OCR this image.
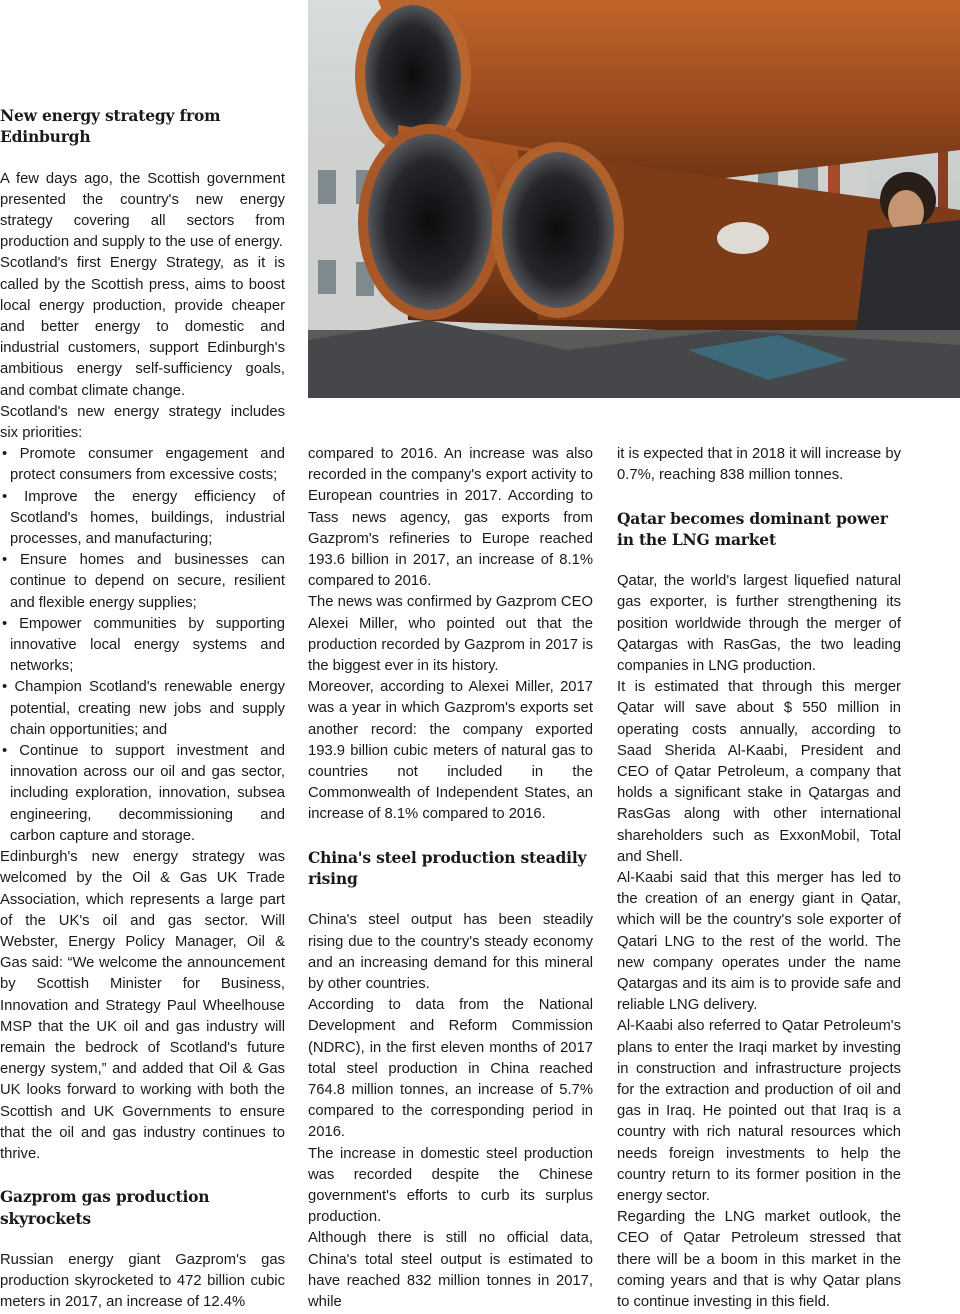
New energy strategy from Edinburgh

A few days ago, the Scottish government presented the country's new energy strategy covering all sectors from production and supply to the use of energy.

Scotland's first Energy Strategy, as it is called by the Scottish press, aims to boost local energy production, provide cheaper and better energy to domestic and industrial customers, support Edinburgh's ambitious energy self-sufficiency goals, and combat climate change.

Scotland's new energy strategy includes six priorities:

• Promote consumer engagement and protect consumers from excessive costs;

• Improve the energy efficiency of Scotland's homes, buildings, industrial processes, and manufacturing;

• Ensure homes and businesses can continue to depend on secure, resilient and flexible energy supplies;

• Empower communities by supporting innovative local energy systems and networks;

• Champion Scotland's renewable energy potential, creating new jobs and supply chain opportunities; and

• Continue to support investment and innovation across our oil and gas sector, including exploration, innovation, subsea engineering, decommissioning and carbon capture and storage.

Edinburgh's new energy strategy was welcomed by the Oil & Gas UK Trade Association, which represents a large part of the UK's oil and gas sector. Will Webster, Energy Policy Manager, Oil & Gas said: “We welcome the announcement by Scottish Minister for Business, Innovation and Strategy Paul Wheelhouse MSP that the UK oil and gas industry will remain the bedrock of Scotland's future energy system,” and added that Oil & Gas UK looks forward to working with both the Scottish and UK Governments to ensure that the oil and gas industry continues to thrive.

Gazprom gas production skyrockets

Russian energy giant Gazprom's gas production skyrocketed to 472 billion cubic meters in 2017, an increase of 12.4%

compared to 2016. An increase was also recorded in the company's export activity to European countries in 2017. According to Tass news agency, gas exports from Gazprom's refineries to Europe reached 193.6 billion in 2017, an increase of 8.1% compared to 2016.

The news was confirmed by Gazprom CEO Alexei Miller, who pointed out that the production recorded by Gazprom in 2017 is the biggest ever in its history.

Moreover, according to Alexei Miller, 2017 was a year in which Gazprom's exports set another record: the company exported 193.9 billion cubic meters of natural gas to countries not included in the Commonwealth of Independent States, an increase of 8.1% compared to 2016.

China's steel production steadily rising

China's steel output has been steadily rising due to the country's steady economy and an increasing demand for this mineral by other countries.

According to data from the National Development and Reform Commission (NDRC), in the first eleven months of 2017 total steel production in China reached 764.8 million tonnes, an increase of 5.7% compared to the corresponding period in 2016.

The increase in domestic steel production was recorded despite the Chinese government's efforts to curb its surplus production.

Although there is still no official data, China's total steel output is estimated to have reached 832 million tonnes in 2017, while

it is expected that in 2018 it will increase by 0.7%, reaching 838 million tonnes.

Qatar becomes dominant power in the LNG market

Qatar, the world's largest liquefied natural gas exporter, is further strengthening its position worldwide through the merger of Qatargas with RasGas, the two leading companies in LNG production.

It is estimated that through this merger Qatar will save about $ 550 million in operating costs annually, according to Saad Sherida Al-Kaabi, President and CEO of Qatar Petroleum, a company that holds a significant stake in Qatargas and RasGas along with other international shareholders such as ExxonMobil, Total and Shell.

Al-Kaabi said that this merger has led to the creation of an energy giant in Qatar, which will be the country's sole exporter of Qatari LNG to the rest of the world. The new company operates under the name Qatargas and its aim is to provide safe and reliable LNG delivery.

Al-Kaabi also referred to Qatar Petroleum's plans to enter the Iraqi market by investing in construction and infrastructure projects for the extraction and production of oil and gas in Iraq. He pointed out that Iraq is a country with rich natural resources which needs foreign investments to help the country return to its former position in the energy sector.

Regarding the LNG market outlook, the CEO of Qatar Petroleum stressed that there will be a boom in this market in the coming years and that is why Qatar plans to continue investing in this field.
